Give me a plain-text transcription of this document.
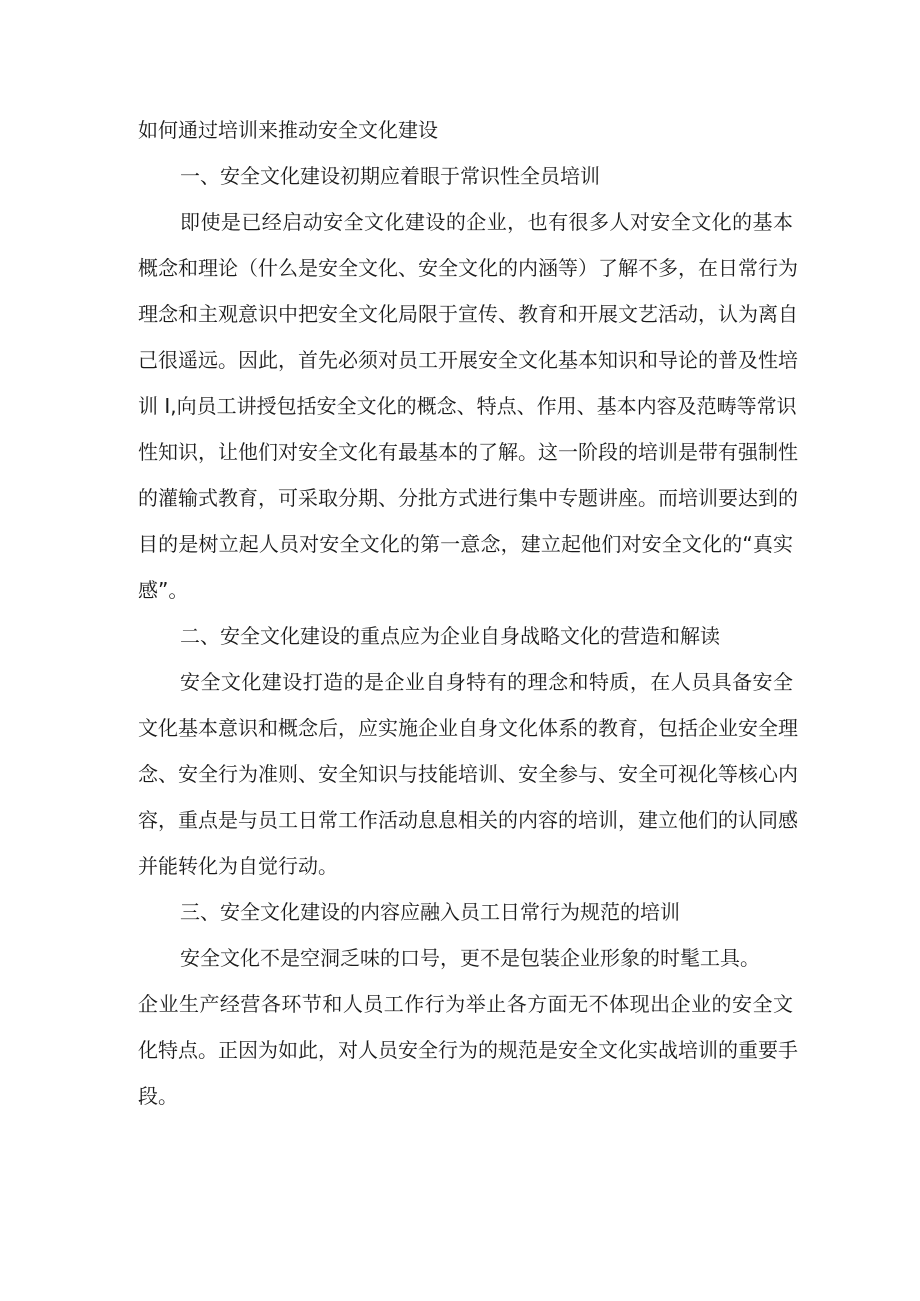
如何通过培训来推动安全文化建设
一、安全文化建设初期应着眼于常识性全员培训
即使是已经启动安全文化建设的企业，也有很多人对安全文化的基本
概念和理论（什么是安全文化、安全文化的内涵等）了解不多，在日常行为
理念和主观意识中把安全文化局限于宣传、教育和开展文艺活动，认为离自
己很遥远。因此，首先必须对员工开展安全文化基本知识和导论的普及性培
训 Ⅰ,向员工讲授包括安全文化的概念、特点、作用、基本内容及范畴等常识
性知识，让他们对安全文化有最基本的了解。这一阶段的培训是带有强制性
的灌输式教育，可采取分期、分批方式进行集中专题讲座。而培训要达到的
目的是树立起人员对安全文化的第一意念，建立起他们对安全文化的“真实
感”。
二、安全文化建设的重点应为企业自身战略文化的营造和解读
安全文化建设打造的是企业自身特有的理念和特质，在人员具备安全
文化基本意识和概念后，应实施企业自身文化体系的教育，包括企业安全理
念、安全行为准则、安全知识与技能培训、安全参与、安全可视化等核心内
容，重点是与员工日常工作活动息息相关的内容的培训，建立他们的认同感
并能转化为自觉行动。
三、安全文化建设的内容应融入员工日常行为规范的培训
安全文化不是空洞乏味的口号，更不是包装企业形象的时髦工具。
企业生产经营各环节和人员工作行为举止各方面无不体现出企业的安全文
化特点。正因为如此，对人员安全行为的规范是安全文化实战培训的重要手
段。
